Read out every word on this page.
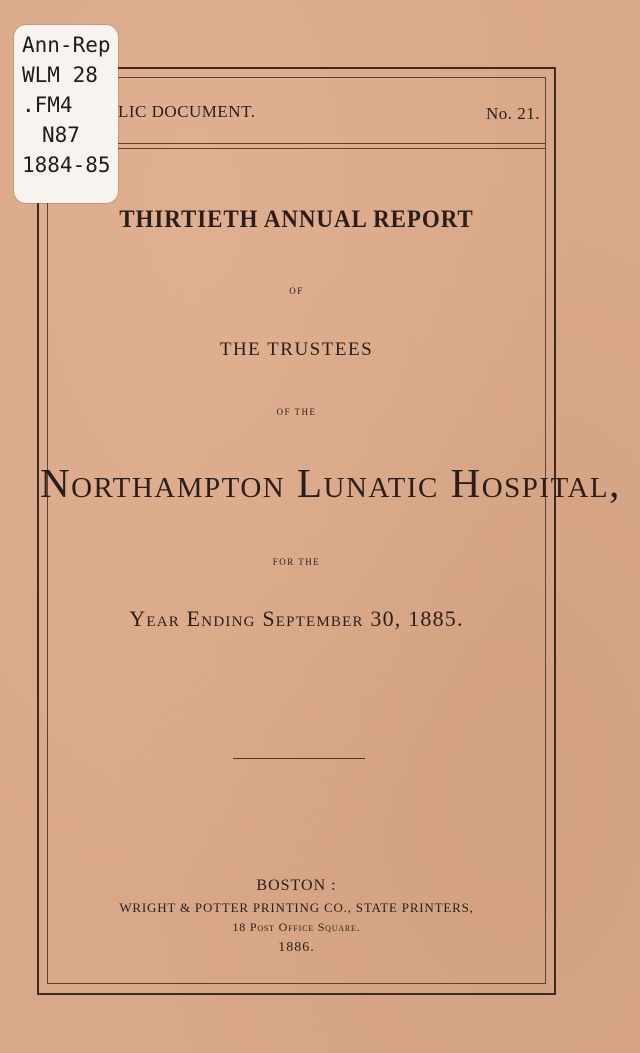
LIC DOCUMENT.	No. 21.
Ann-Rep
WLM 28
.FM4
N87
1884-85
THIRTIETH ANNUAL REPORT
OF
THE TRUSTEES
OF THE
Northampton Lunatic Hospital,
FOR THE
Year Ending September 30, 1885.
BOSTON :
WRIGHT & POTTER PRINTING CO., STATE PRINTERS,
18 Post Office Square.
1886.
